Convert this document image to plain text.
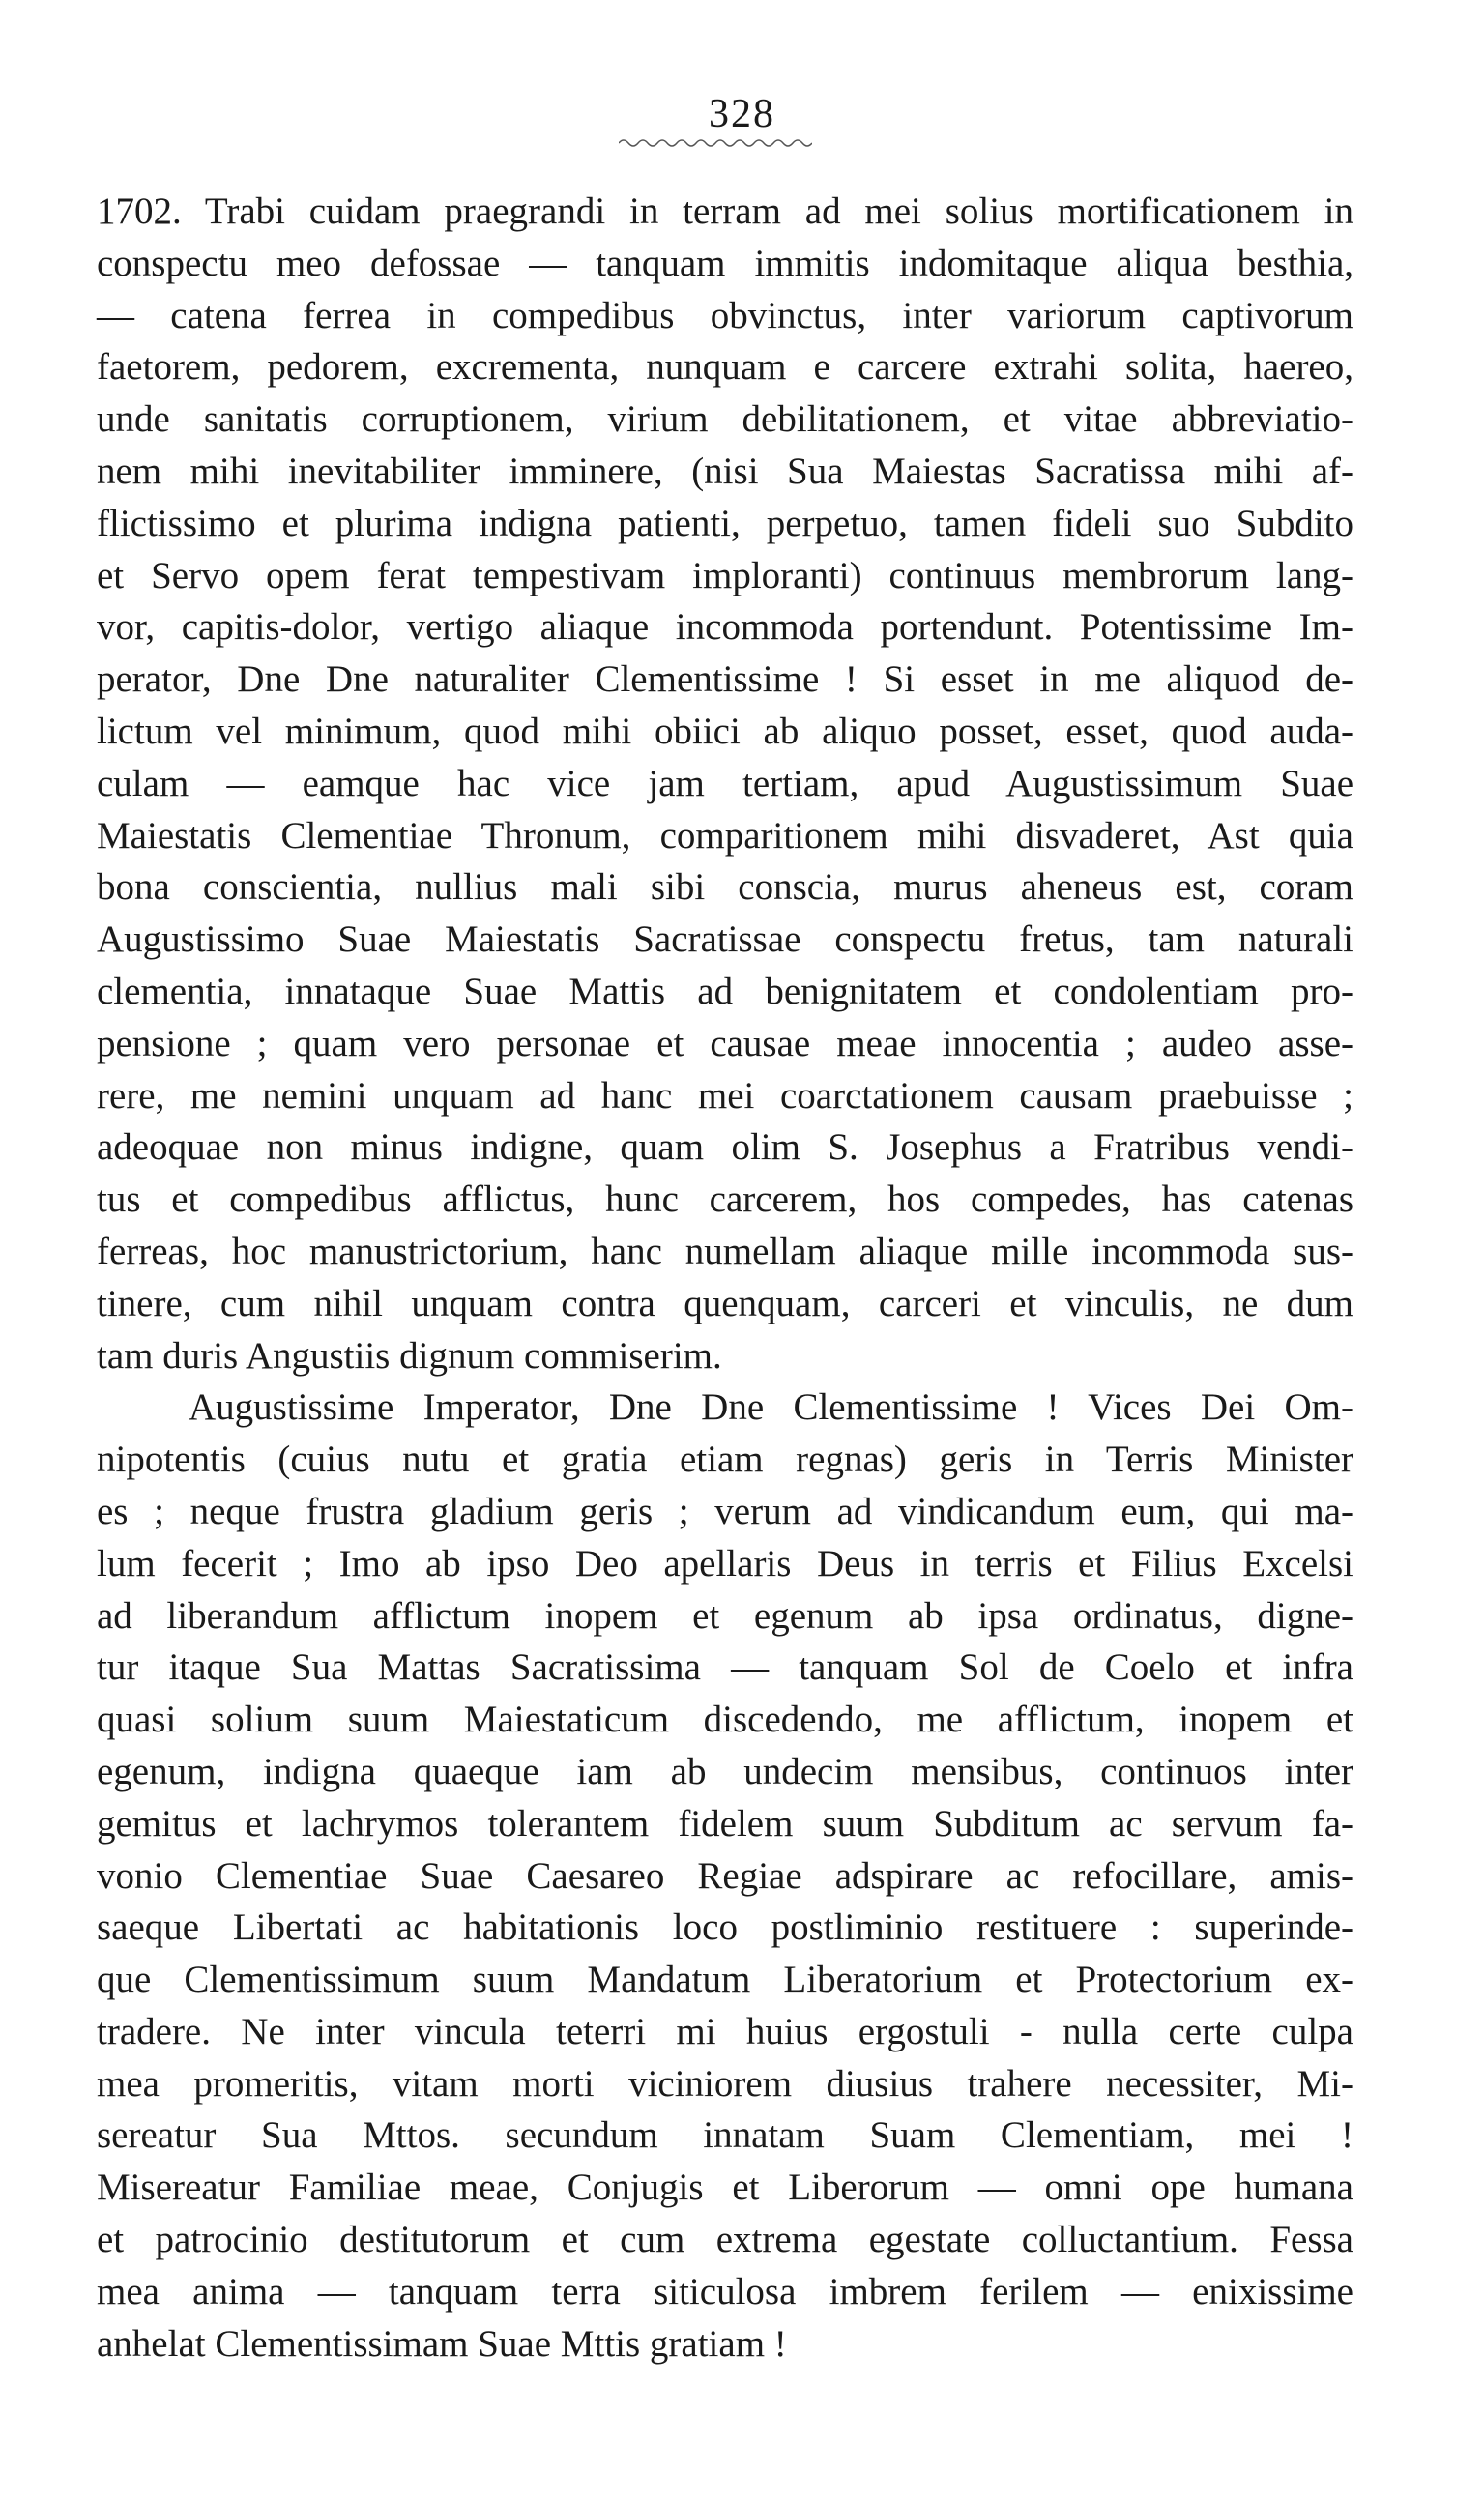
328
1702. Trabi cuidam praegrandi in terram ad mei solius mortificationem in
conspectu meo defossae — tanquam immitis indomitaque aliqua besthia,
— catena ferrea in compedibus obvinctus, inter variorum captivorum
faetorem, pedorem, excrementa, nunquam e carcere extrahi solita, haereo,
unde sanitatis corruptionem, virium debilitationem, et vitae abbreviatio-
nem mihi inevitabiliter imminere, (nisi Sua Maiestas Sacratissa mihi af-
flictissimo et plurima indigna patienti, perpetuo, tamen fideli suo Subdito
et Servo opem ferat tempestivam imploranti) continuus membrorum lang-
vor, capitis-dolor, vertigo aliaque incommoda portendunt. Potentissime Im-
perator, Dne Dne naturaliter Clementissime ! Si esset in me aliquod de-
lictum vel minimum, quod mihi obiici ab aliquo posset, esset, quod auda-
culam — eamque hac vice jam tertiam, apud Augustissimum Suae
Maiestatis Clementiae Thronum, comparitionem mihi disvaderet, Ast quia
bona conscientia, nullius mali sibi conscia, murus aheneus est, coram
Augustissimo Suae Maiestatis Sacratissae conspectu fretus, tam naturali
clementia, innataque Suae Mattis ad benignitatem et condolentiam pro-
pensione ; quam vero personae et causae meae innocentia ; audeo asse-
rere, me nemini unquam ad hanc mei coarctationem causam praebuisse ;
adeoquae non minus indigne, quam olim S. Josephus a Fratribus vendi-
tus et compedibus afflictus, hunc carcerem, hos compedes, has catenas
ferreas, hoc manustrictorium, hanc numellam aliaque mille incommoda sus-
tinere, cum nihil unquam contra quenquam, carceri et vinculis, ne dum
tam duris Angustiis dignum commiserim.
Augustissime Imperator, Dne Dne Clementissime ! Vices Dei Om-
nipotentis (cuius nutu et gratia etiam regnas) geris in Terris Minister
es ; neque frustra gladium geris ; verum ad vindicandum eum, qui ma-
lum fecerit ; Imo ab ipso Deo apellaris Deus in terris et Filius Excelsi
ad liberandum afflictum inopem et egenum ab ipsa ordinatus, digne-
tur itaque Sua Mattas Sacratissima — tanquam Sol de Coelo et infra
quasi solium suum Maiestaticum discedendo, me afflictum, inopem et
egenum, indigna quaeque iam ab undecim mensibus, continuos inter
gemitus et lachrymos tolerantem fidelem suum Subditum ac servum fa-
vonio Clementiae Suae Caesareo Regiae adspirare ac refocillare, amis-
saeque Libertati ac habitationis loco postliminio restituere : superinde-
que Clementissimum suum Mandatum Liberatorium et Protectorium ex-
tradere. Ne inter vincula teterri mi huius ergostuli - nulla certe culpa
mea promeritis, vitam morti viciniorem diusius trahere necessiter, Mi-
sereatur Sua Mttos. secundum innatam Suam Clementiam, mei !
Misereatur Familiae meae, Conjugis et Liberorum — omni ope humana
et patrocinio destitutorum et cum extrema egestate colluctantium. Fessa
mea anima — tanquam terra siticulosa imbrem ferilem — enixissime
anhelat Clementissimam Suae Mttis gratiam !
